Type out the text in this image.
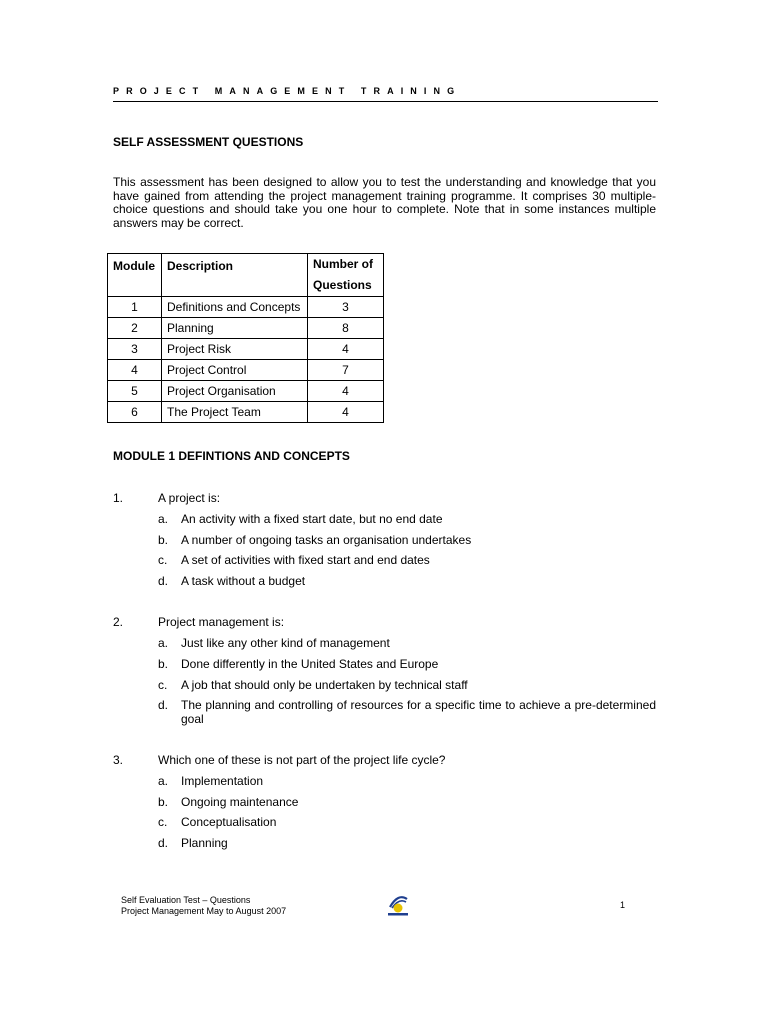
PROJECT MANAGEMENT TRAINING
SELF ASSESSMENT QUESTIONS
This assessment has been designed to allow you to test the understanding and knowledge that you have gained from attending the project management training programme. It comprises 30 multiple-choice questions and should take you one hour to complete. Note that in some instances multiple answers may be correct.
Module	Description	Number of
Questions
1	Definitions and Concepts	3
2	Planning	8
3	Project Risk	4
4	Project Control	7
5	Project Organisation	4
6	The Project Team	4
MODULE 1 DEFINTIONS AND CONCEPTS
1.	A project is:
a. An activity with a fixed start date, but no end date
b. A number of ongoing tasks an organisation undertakes
c. A set of activities with fixed start and end dates
d. A task without a budget
2.	Project management is:
a. Just like any other kind of management
b. Done differently in the United States and Europe
c. A job that should only be undertaken by technical staff
d. The planning and controlling of resources for a specific time to achieve a pre-determined goal
3.	Which one of these is not part of the project life cycle?
a. Implementation
b. Ongoing maintenance
c. Conceptualisation
d. Planning
Self Evaluation Test – Questions
Project Management May to August 2007
1
